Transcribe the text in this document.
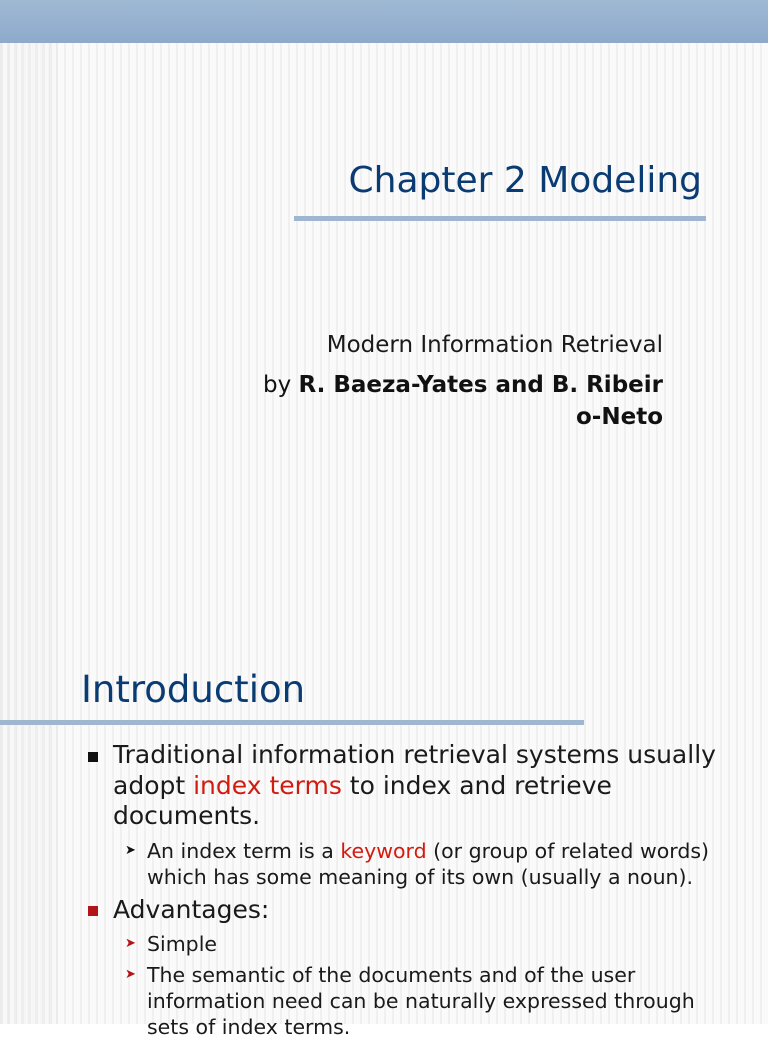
Chapter 2 Modeling
Modern Information Retrieval
by R. Baeza-Yates and B. Ribeir
o-Neto
Introduction
Traditional information retrieval systems usually
adopt index terms to index and retrieve
documents.
➤ An index term is a keyword (or group of related words)
which has some meaning of its own (usually a noun).
Advantages:
➤ Simple
➤ The semantic of the documents and of the user
information need can be naturally expressed through
sets of index terms.
